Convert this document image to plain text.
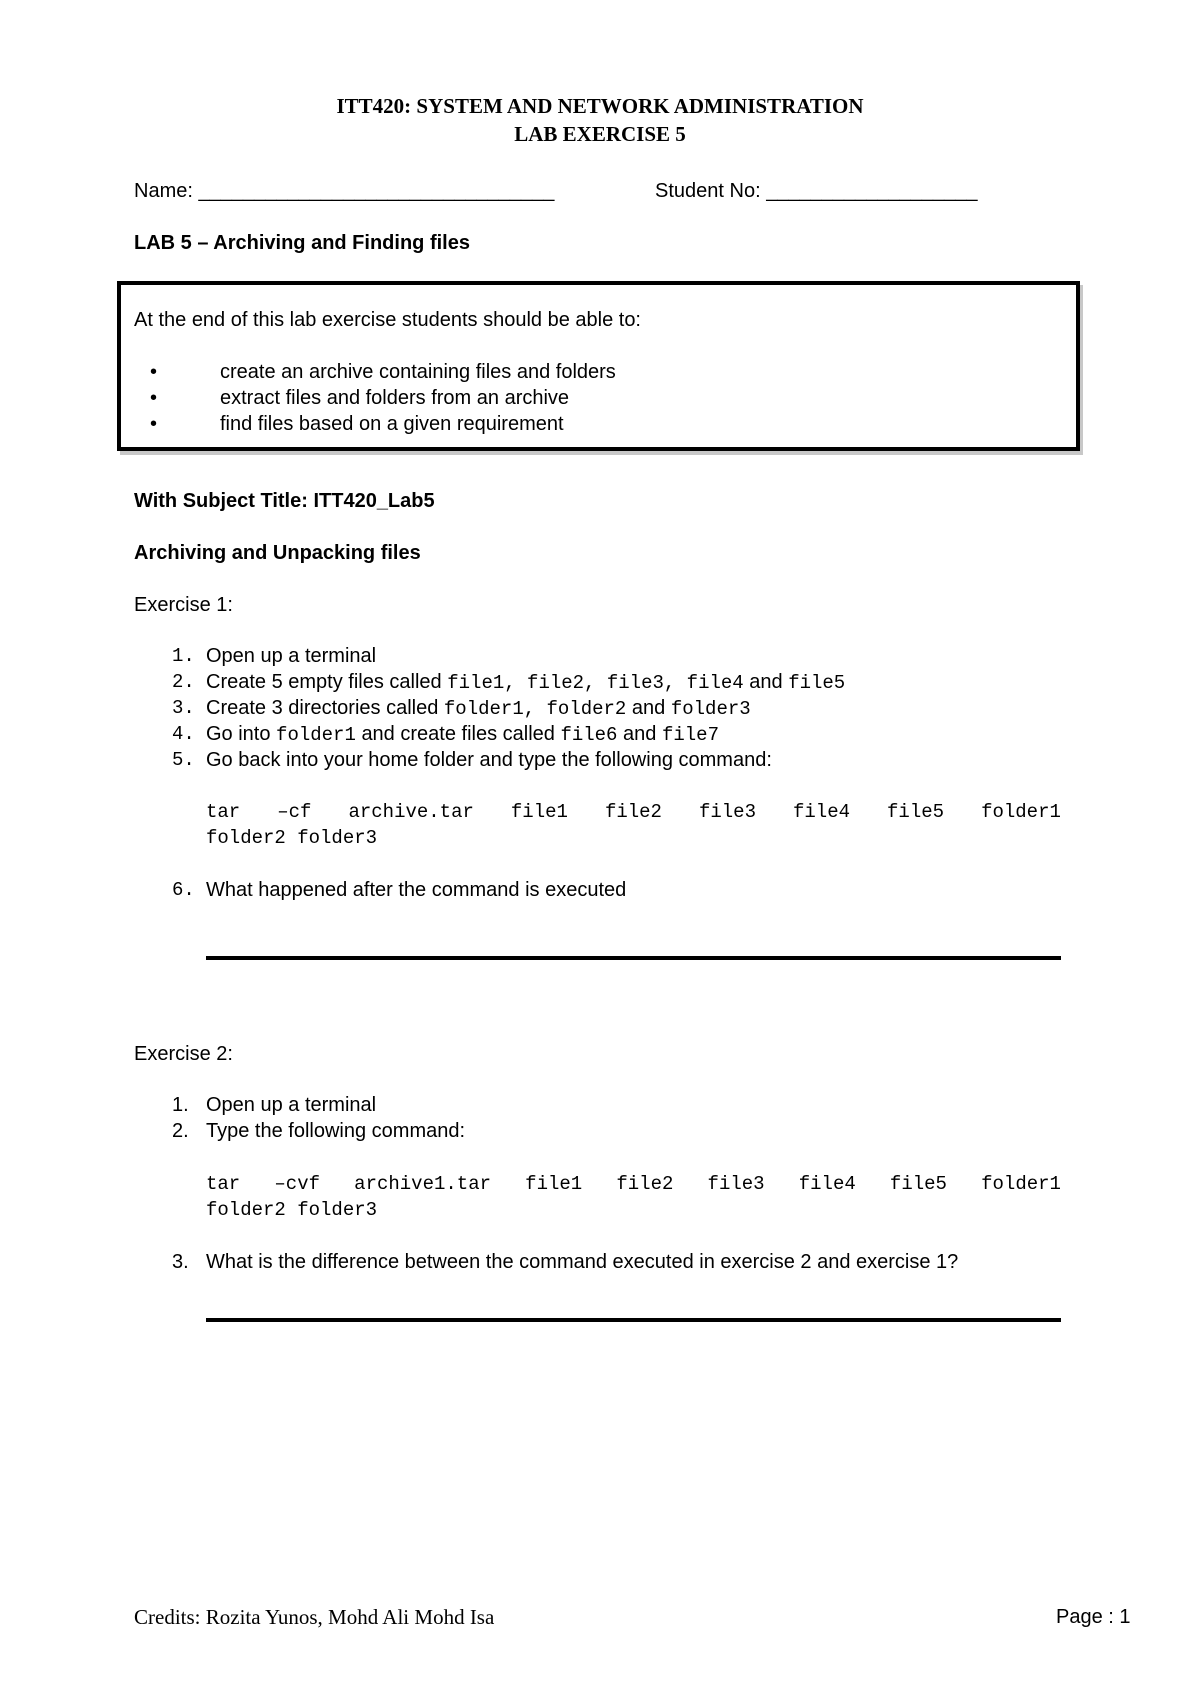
ITT420: SYSTEM AND NETWORK ADMINISTRATION
LAB EXERCISE 5
Name: ________________________________	Student No: ___________________
LAB 5 – Archiving and Finding files
At the end of this lab exercise students should be able to:
•	create an archive containing files and folders
•	extract files and folders from an archive
•	find files based on a given requirement
With Subject Title: ITT420_Lab5
Archiving and Unpacking files
Exercise 1:
1. Open up a terminal
2. Create 5 empty files called file1, file2, file3, file4 and file5
3. Create 3 directories called folder1, folder2 and folder3
4. Go into folder1 and create files called file6 and file7
5. Go back into your home folder and type the following command:
tar –cf archive.tar file1 file2 file3 file4 file5 folder1
folder2 folder3
6. What happened after the command is executed
Exercise 2:
1. Open up a terminal
2. Type the following command:
tar –cvf archive1.tar file1 file2 file3 file4 file5 folder1
folder2 folder3
3. What is the difference between the command executed in exercise 2 and exercise 1?
Credits: Rozita Yunos, Mohd Ali Mohd Isa	Page : 1
